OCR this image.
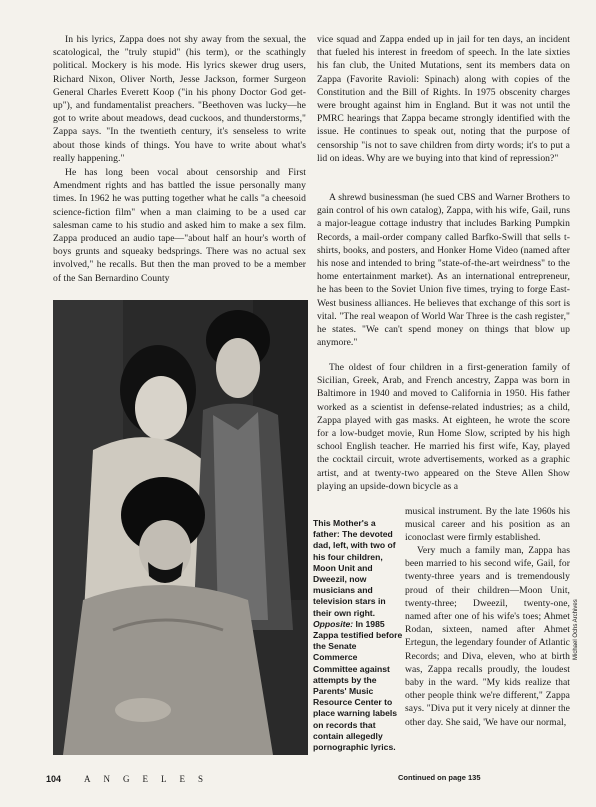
In his lyrics, Zappa does not shy away from the sexual, the scatological, the "truly stupid" (his term), or the scathingly political. Mockery is his mode. His lyrics skewer drug users, Richard Nixon, Oliver North, Jesse Jackson, former Surgeon General Charles Everett Koop ("in his phony Doctor God get-up"), and fundamentalist preachers. "Beethoven was lucky—he got to write about meadows, dead cuckoos, and thunderstorms," Zappa says. "In the twentieth century, it's senseless to write about those kinds of things. You have to write about what's really happening."

He has long been vocal about censorship and First Amendment rights and has battled the issue personally many times. In 1962 he was putting together what he calls "a cheesoid science-fiction film" when a man claiming to be a used car salesman came to his studio and asked him to make a sex film. Zappa produced an audio tape—"about half an hour's worth of boys grunts and squeaky bedsprings. There was no actual sex involved," he recalls. But then the man proved to be a member of the San Bernardino County

vice squad and Zappa ended up in jail for ten days, an incident that fueled his interest in freedom of speech. In the late sixties his fan club, the United Mutations, sent its members data on Zappa (Favorite Ravioli: Spinach) along with copies of the Constitution and the Bill of Rights. In 1975 obscenity charges were brought against him in England. But it was not until the PMRC hearings that Zappa became strongly identified with the issue. He continues to speak out, noting that the purpose of censorship "is not to save children from dirty words; it's to put a lid on ideas. Why are we buying into that kind of repression?"

A shrewd businessman (he sued CBS and Warner Brothers to gain control of his own catalog), Zappa, with his wife, Gail, runs a major-league cottage industry that includes Barking Pumpkin Records, a mail-order company called Barfko-Swill that sells t-shirts, books, and posters, and Honker Home Video (named after his nose and intended to bring "state-of-the-art weirdness" to the home entertainment market). As an international entrepreneur, he has been to the Soviet Union five times, trying to forge East-West business alliances. He believes that exchange of this sort is vital. "The real weapon of World War Three is the cash register," he states. "We can't spend money on things that blow up anymore."

The oldest of four children in a first-generation family of Sicilian, Greek, Arab, and French ancestry, Zappa was born in Baltimore in 1940 and moved to California in 1950. His father worked as a scientist in defense-related industries; as a child, Zappa played with gas masks. At eighteen, he wrote the score for a low-budget movie, Run Home Slow, scripted by his high school English teacher. He married his first wife, Kay, played the cocktail circuit, wrote advertisements, worked as a graphic artist, and at twenty-two appeared on the Steve Allen Show playing an upside-down bicycle as a

musical instrument. By the late 1960s his musical career and his position as an iconoclast were firmly established.

Very much a family man, Zappa has been married to his second wife, Gail, for twenty-three years and is tremendously proud of their children—Moon Unit, twenty-three; Dweezil, twenty-one, named after one of his wife's toes; Ahmet Rodan, sixteen, named after Ahmet Ertegun, the legendary founder of Atlantic Records; and Diva, eleven, who at birth was, Zappa recalls proudly, the loudest baby in the ward. "My kids realize that other people think we're different," Zappa says. "Diva put it very nicely at dinner the other day. She said, 'We have our normal,

This Mother's a father: The devoted dad, left, with two of his four children, Moon Unit and Dweezil, now musicians and television stars in their own right. Opposite: In 1985 Zappa testified before the Senate Commerce Committee against attempts by the Parents' Music Resource Center to place warning labels on records that contain allegedly pornographic lyrics.

Continued on page 135
104	ANGELES
Michael Ochs Archives
